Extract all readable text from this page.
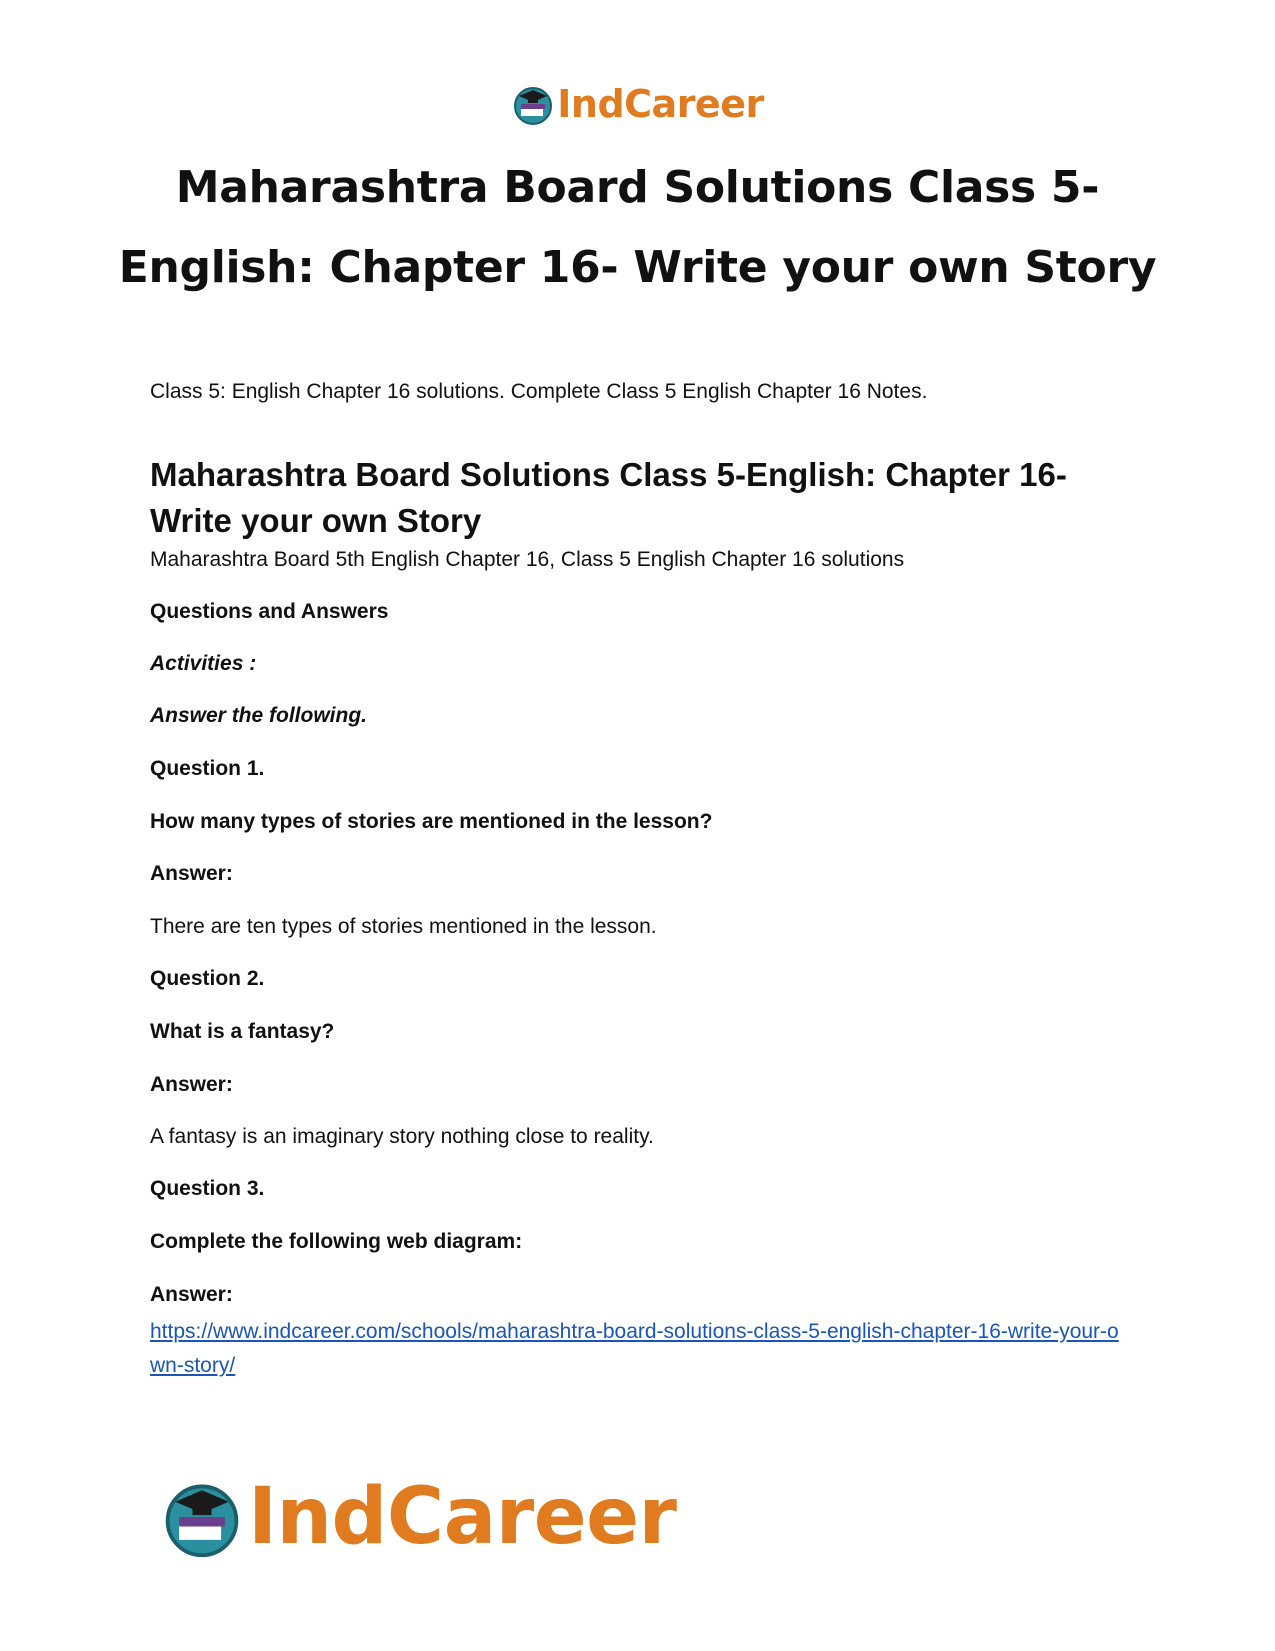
IndCareer
Maharashtra Board Solutions Class 5-English: Chapter 16- Write your own Story

Class 5: English Chapter 16 solutions. Complete Class 5 English Chapter 16 Notes.

Maharashtra Board Solutions Class 5-English: Chapter 16- Write your own Story
Maharashtra Board 5th English Chapter 16, Class 5 English Chapter 16 solutions
Questions and Answers
Activities :
Answer the following.
Question 1.
How many types of stories are mentioned in the lesson?
Answer:
There are ten types of stories mentioned in the lesson.
Question 2.
What is a fantasy?
Answer:
A fantasy is an imaginary story nothing close to reality.
Question 3.
Complete the following web diagram:
Answer:
https://www.indcareer.com/schools/maharashtra-board-solutions-class-5-english-chapter-16-write-your-own-story/
IndCareer
